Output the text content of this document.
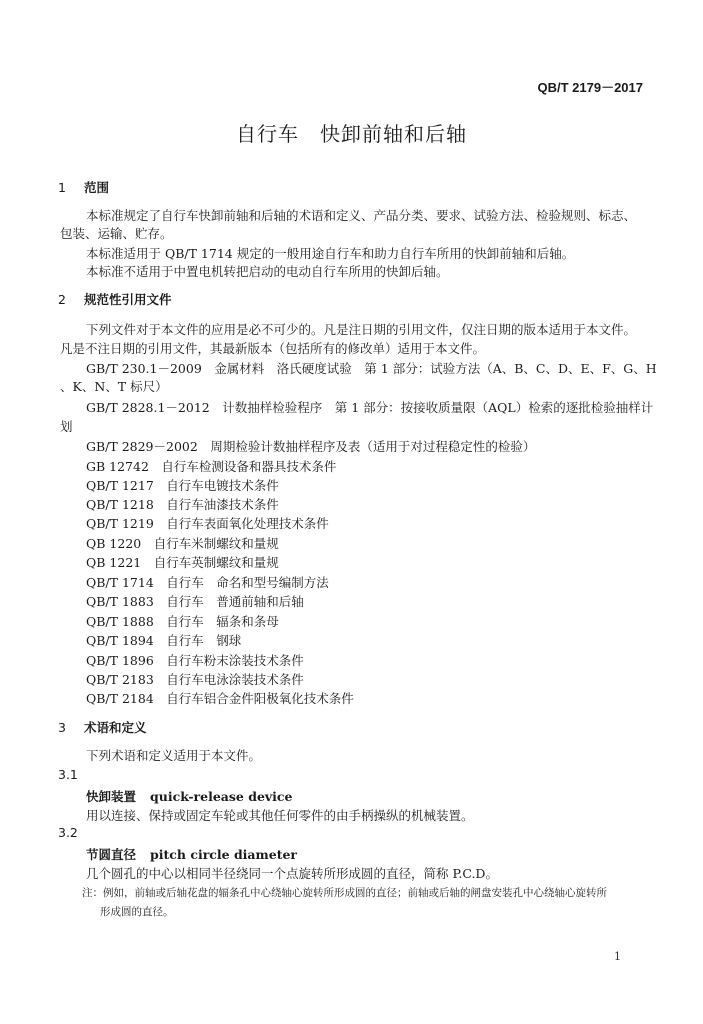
QB/T 2179－2017
自行车　快卸前轴和后轴
1 范围
本标准规定了自行车快卸前轴和后轴的术语和定义、产品分类、要求、试验方法、检验规则、标志、
包装、运输、贮存。
本标准适用于 QB/T 1714 规定的一般用途自行车和助力自行车所用的快卸前轴和后轴。
本标准不适用于中置电机转把启动的电动自行车所用的快卸后轴。
2 规范性引用文件
下列文件对于本文件的应用是必不可少的。凡是注日期的引用文件，仅注日期的版本适用于本文件。
凡是不注日期的引用文件，其最新版本（包括所有的修改单）适用于本文件。
GB/T 230.1－2009　金属材料　洛氏硬度试验　第 1 部分：试验方法（A、B、C、D、E、F、G、H
、K、N、T 标尺）
GB/T 2828.1－2012　计数抽样检验程序　第 1 部分：按接收质量限（AQL）检索的逐批检验抽样计
划
GB/T 2829－2002　周期检验计数抽样程序及表（适用于对过程稳定性的检验）
GB 12742　自行车检测设备和器具技术条件
QB/T 1217　自行车电镀技术条件
QB/T 1218　自行车油漆技术条件
QB/T 1219　自行车表面氧化处理技术条件
QB 1220　自行车米制螺纹和量规
QB 1221　自行车英制螺纹和量规
QB/T 1714　自行车　命名和型号编制方法
QB/T 1883　自行车　普通前轴和后轴
QB/T 1888　自行车　辐条和条母
QB/T 1894　自行车　钢球
QB/T 1896　自行车粉末涂装技术条件
QB/T 2183　自行车电泳涂装技术条件
QB/T 2184　自行车铝合金件阳极氧化技术条件
3 术语和定义
下列术语和定义适用于本文件。
3.1
快卸装置 quick-release device
用以连接、保持或固定车轮或其他任何零件的由手柄操纵的机械装置。
3.2
节圆直径 pitch circle diameter
几个圆孔的中心以相同半径绕同一个点旋转所形成圆的直径，简称 P.C.D。
注：例如，前轴或后轴花盘的辐条孔中心绕轴心旋转所形成圆的直径；前轴或后轴的闸盘安装孔中心绕轴心旋转所
形成圆的直径。
1
